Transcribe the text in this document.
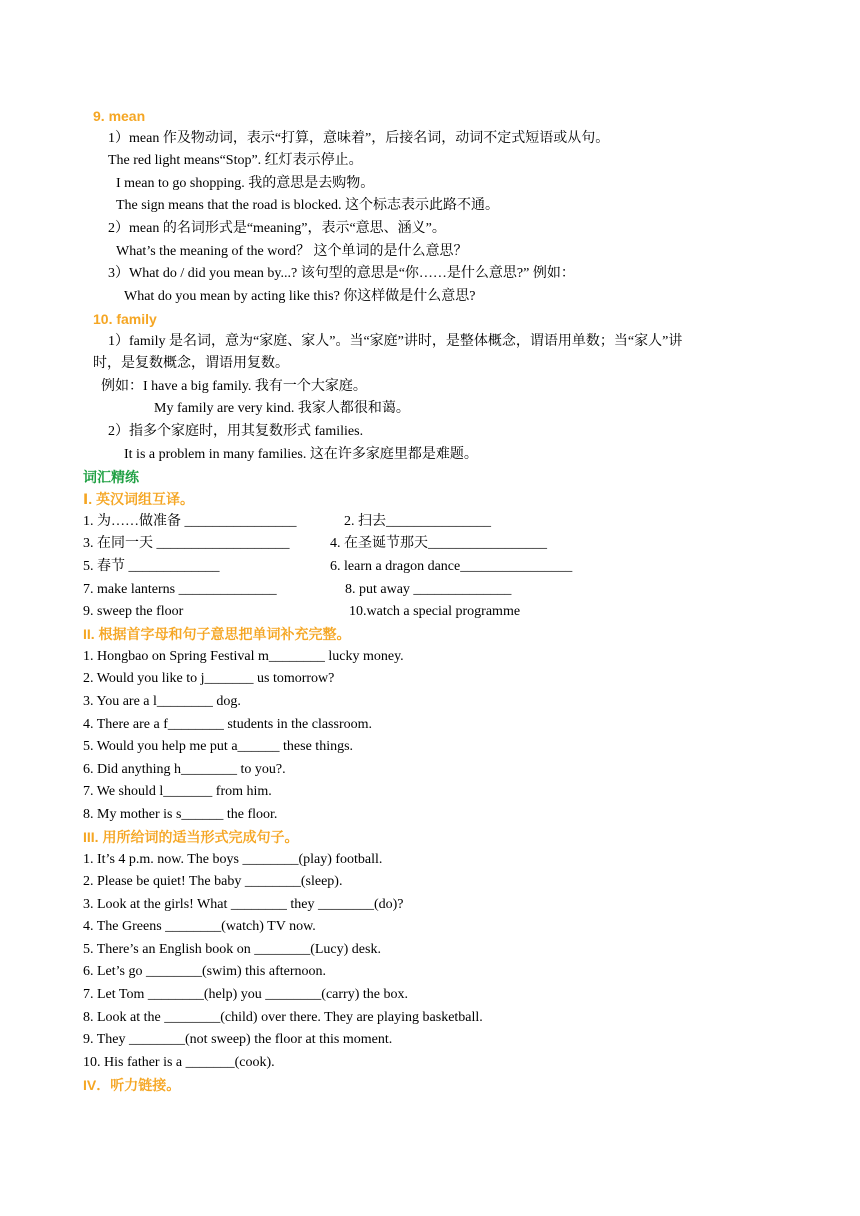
9. mean
1）mean 作及物动词，表示“打算，意味着”，后接名词，动词不定式短语或从句。
The red light means“Stop”. 红灯表示停止。
I mean to go shopping. 我的意思是去购物。
The sign means that the road is blocked. 这个标志表示此路不通。
2）mean 的名词形式是“meaning”，表示“意思、涵义”。
What’s the meaning of the word？ 这个单词的是什么意思？
3）What do / did you mean by...? 该句型的意思是“你……是什么意思?” 例如：
What do you mean by acting like this? 你这样做是什么意思?
10. family
1）family 是名词，意为“家庭、家人”。当“家庭”讲时，是整体概念，谓语用单数；当“家人”讲
时，是复数概念，谓语用复数。
例如：I have a big family. 我有一个大家庭。
My family are very kind. 我家人都很和蔼。
2）指多个家庭时，用其复数形式 families.
It is a problem in many families. 这在许多家庭里都是难题。
词汇精练
Ⅰ. 英汉词组互译。
1. 为……做准备 ________________	2. 扫去_______________
3. 在同一天 ___________________	4. 在圣诞节那天_________________
5. 春节 _____________	6. learn a dragon dance________________
7. make lanterns ______________	8. put away ______________
9. sweep the floor	10.watch a special programme
II. 根据首字母和句子意思把单词补充完整。
1. Hongbao on Spring Festival m________ lucky money.
2. Would you like to j_______ us tomorrow?
3. You are a l________ dog.
4. There are a f________ students in the classroom.
5. Would you help me put a______ these things.
6. Did anything h________ to you?.
7. We should l_______ from him.
8. My mother is s______ the floor.
III. 用所给词的适当形式完成句子。
1. It’s 4 p.m. now. The boys ________(play) football.
2. Please be quiet! The baby ________(sleep).
3. Look at the girls! What ________ they ________(do)?
4. The Greens ________(watch) TV now.
5. There’s an English book on ________(Lucy) desk.
6. Let’s go ________(swim) this afternoon.
7. Let Tom ________(help) you ________(carry) the box.
8. Look at the ________(child) over there. They are playing basketball.
9. They ________(not sweep) the floor at this moment.
10. His father is a _______(cook).
IV．听力链接。
